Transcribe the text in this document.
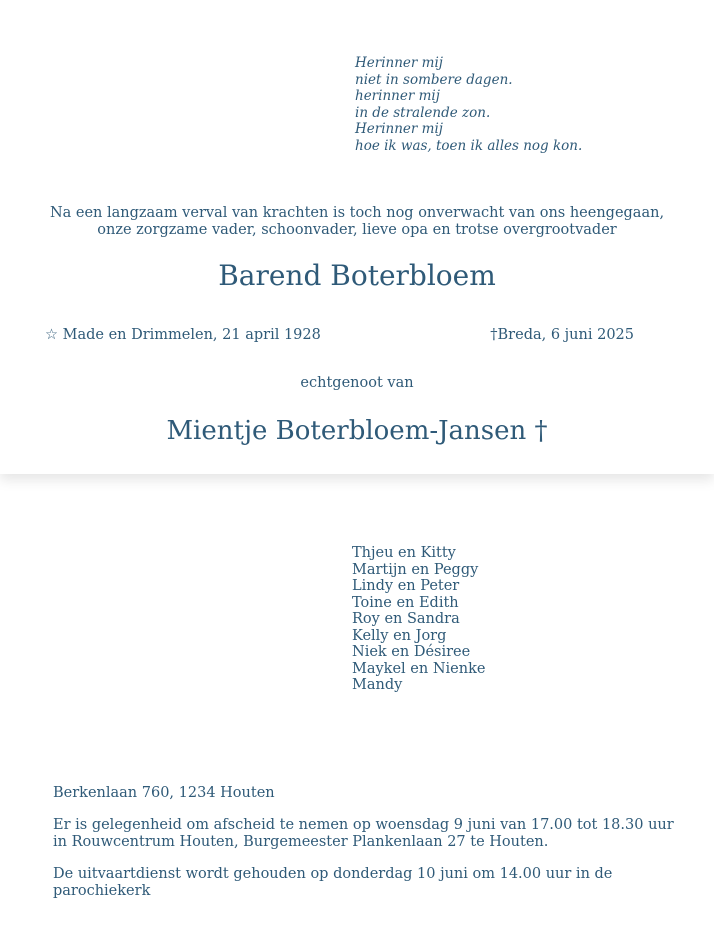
Herinner mij
niet in sombere dagen.
herinner mij
in de stralende zon.
Herinner mij
hoe ik was, toen ik alles nog kon.
Na een langzaam verval van krachten is toch nog onverwacht van ons heengegaan,
onze zorgzame vader, schoonvader, lieve opa en trotse overgrootvader
Barend Boterbloem
☆ Made en Drimmelen, 21 april 1928	†Breda, 6 juni 2025
echtgenoot van
Mientje Boterbloem-Jansen †
Thjeu en Kitty
Martijn en Peggy
Lindy en Peter
Toine en Edith
Roy en Sandra
Kelly en Jorg
Niek en Désiree
Maykel en Nienke
Mandy
Berkenlaan 760, 1234 Houten
Er is gelegenheid om afscheid te nemen op woensdag 9 juni van 17.00 tot 18.30 uur
in Rouwcentrum Houten, Burgemeester Plankenlaan 27 te Houten.
De uitvaartdienst wordt gehouden op donderdag 10 juni om 14.00 uur in de
parochiekerk
